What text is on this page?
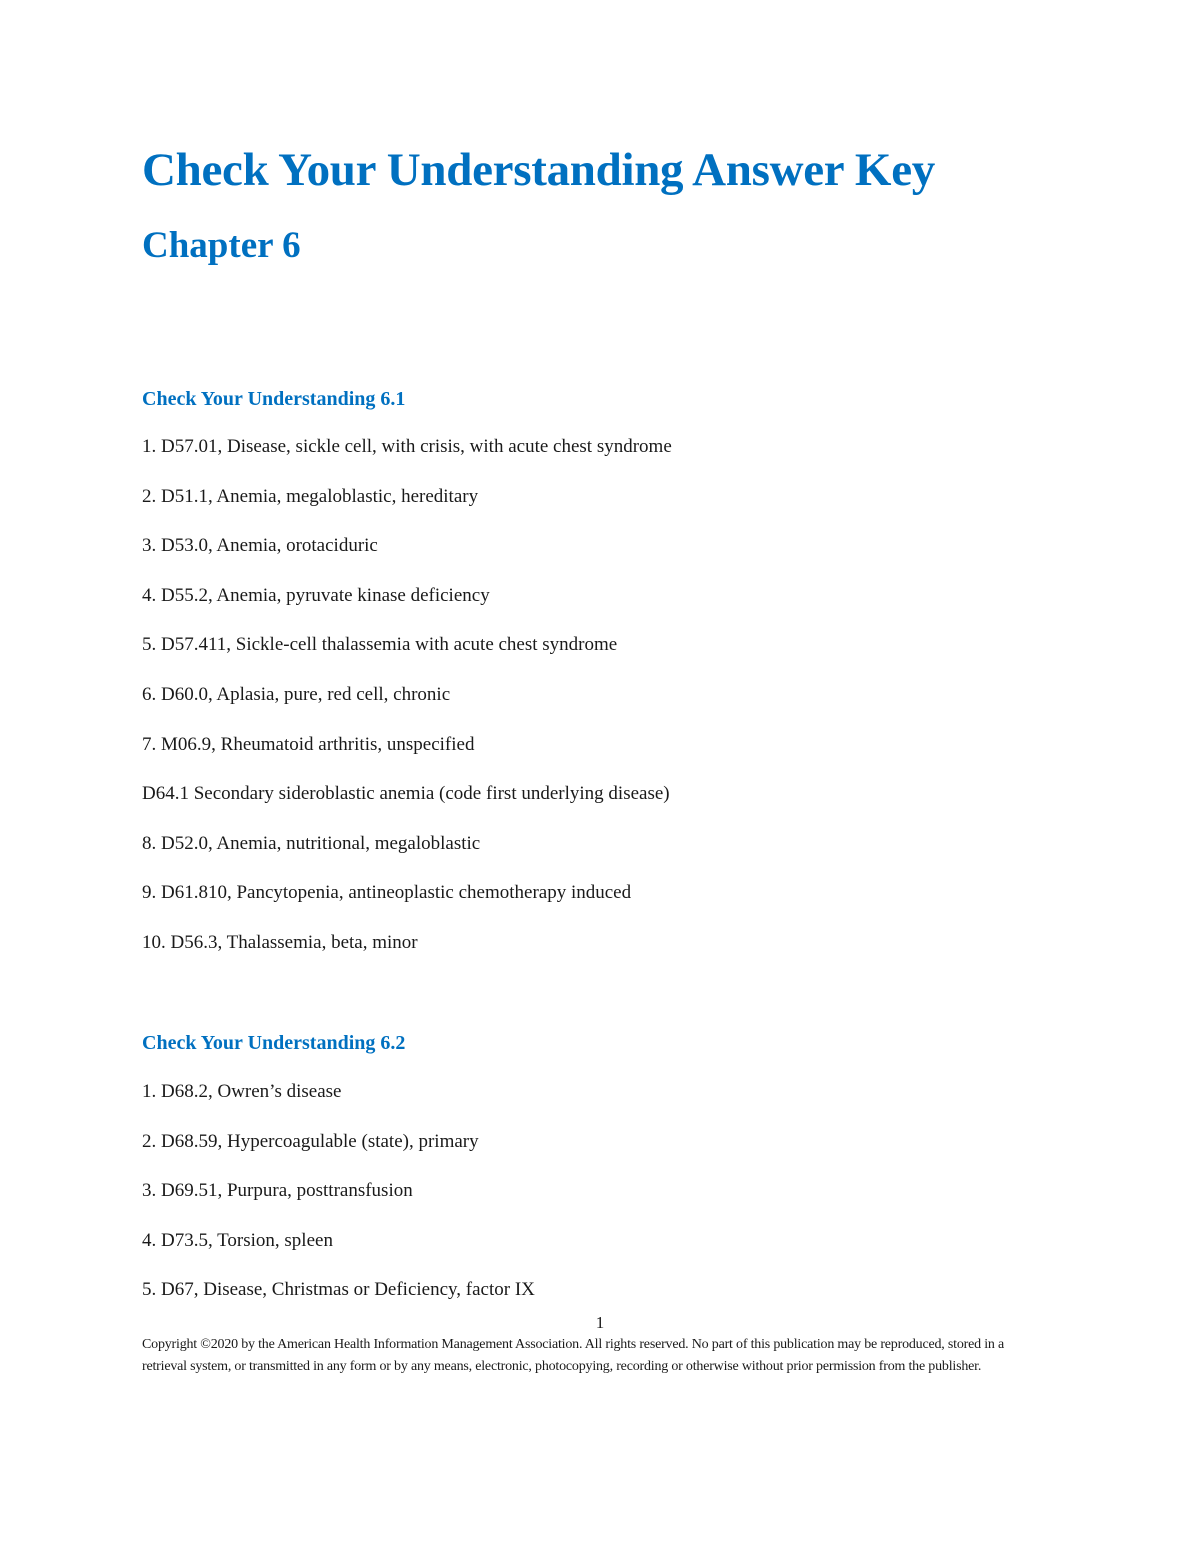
Check Your Understanding Answer Key
Chapter 6
Check Your Understanding 6.1
1. D57.01, Disease, sickle cell, with crisis, with acute chest syndrome
2. D51.1, Anemia, megaloblastic, hereditary
3. D53.0, Anemia, orotaciduric
4. D55.2, Anemia, pyruvate kinase deficiency
5. D57.411, Sickle-cell thalassemia with acute chest syndrome
6. D60.0, Aplasia, pure, red cell, chronic
7. M06.9, Rheumatoid arthritis, unspecified
D64.1 Secondary sideroblastic anemia (code first underlying disease)
8. D52.0, Anemia, nutritional, megaloblastic
9. D61.810, Pancytopenia, antineoplastic chemotherapy induced
10. D56.3, Thalassemia, beta, minor
Check Your Understanding 6.2
1. D68.2, Owren’s disease
2. D68.59, Hypercoagulable (state), primary
3. D69.51, Purpura, posttransfusion
4. D73.5, Torsion, spleen
5. D67, Disease, Christmas or Deficiency, factor IX
1

Copyright ©2020 by the American Health Information Management Association. All rights reserved. No part of this publication may be reproduced, stored in a retrieval system, or transmitted in any form or by any means, electronic, photocopying, recording or otherwise without prior permission from the publisher.
